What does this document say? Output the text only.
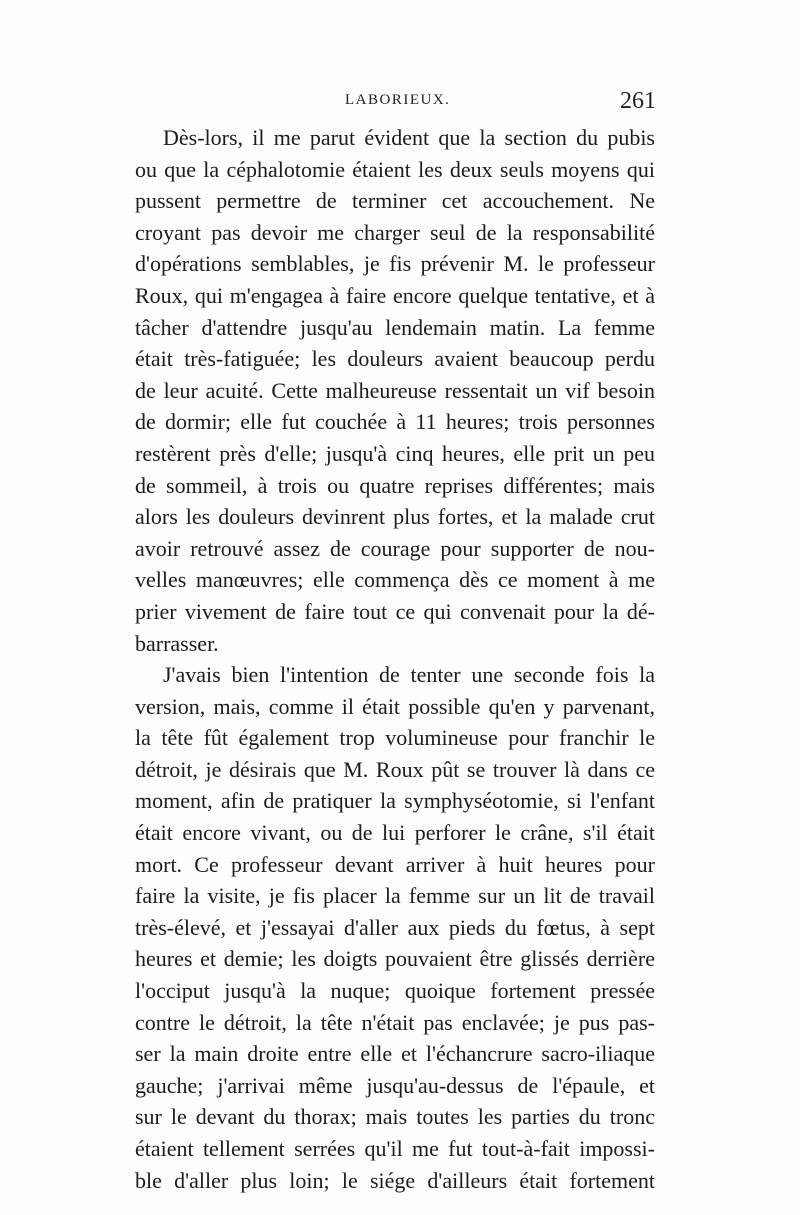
LABORIEUX.	261
Dès-lors, il me parut évident que la section du pubis
ou que la céphalotomie étaient les deux seuls moyens qui
pussent permettre de terminer cet accouchement. Ne
croyant pas devoir me charger seul de la responsabilité
d'opérations semblables, je fis prévenir M. le professeur
Roux, qui m'engagea à faire encore quelque tentative, et à
tâcher d'attendre jusqu'au lendemain matin. La femme
était très-fatiguée; les douleurs avaient beaucoup perdu
de leur acuité. Cette malheureuse ressentait un vif besoin
de dormir; elle fut couchée à 11 heures; trois personnes
restèrent près d'elle; jusqu'à cinq heures, elle prit un peu
de sommeil, à trois ou quatre reprises différentes; mais
alors les douleurs devinrent plus fortes, et la malade crut
avoir retrouvé assez de courage pour supporter de nou-
velles manœuvres; elle commença dès ce moment à me
prier vivement de faire tout ce qui convenait pour la dé-
barrasser.
J'avais bien l'intention de tenter une seconde fois la
version, mais, comme il était possible qu'en y parvenant,
la tête fût également trop volumineuse pour franchir le
détroit, je désirais que M. Roux pût se trouver là dans ce
moment, afin de pratiquer la symphyséotomie, si l'enfant
était encore vivant, ou de lui perforer le crâne, s'il était
mort. Ce professeur devant arriver à huit heures pour
faire la visite, je fis placer la femme sur un lit de travail
très-élevé, et j'essayai d'aller aux pieds du fœtus, à sept
heures et demie; les doigts pouvaient être glissés derrière
l'occiput jusqu'à la nuque; quoique fortement pressée
contre le détroit, la tête n'était pas enclavée; je pus pas-
ser la main droite entre elle et l'échancrure sacro-iliaque
gauche; j'arrivai même jusqu'au-dessus de l'épaule, et
sur le devant du thorax; mais toutes les parties du tronc
étaient tellement serrées qu'il me fut tout-à-fait impossi-
ble d'aller plus loin; le siége d'ailleurs était fortement
